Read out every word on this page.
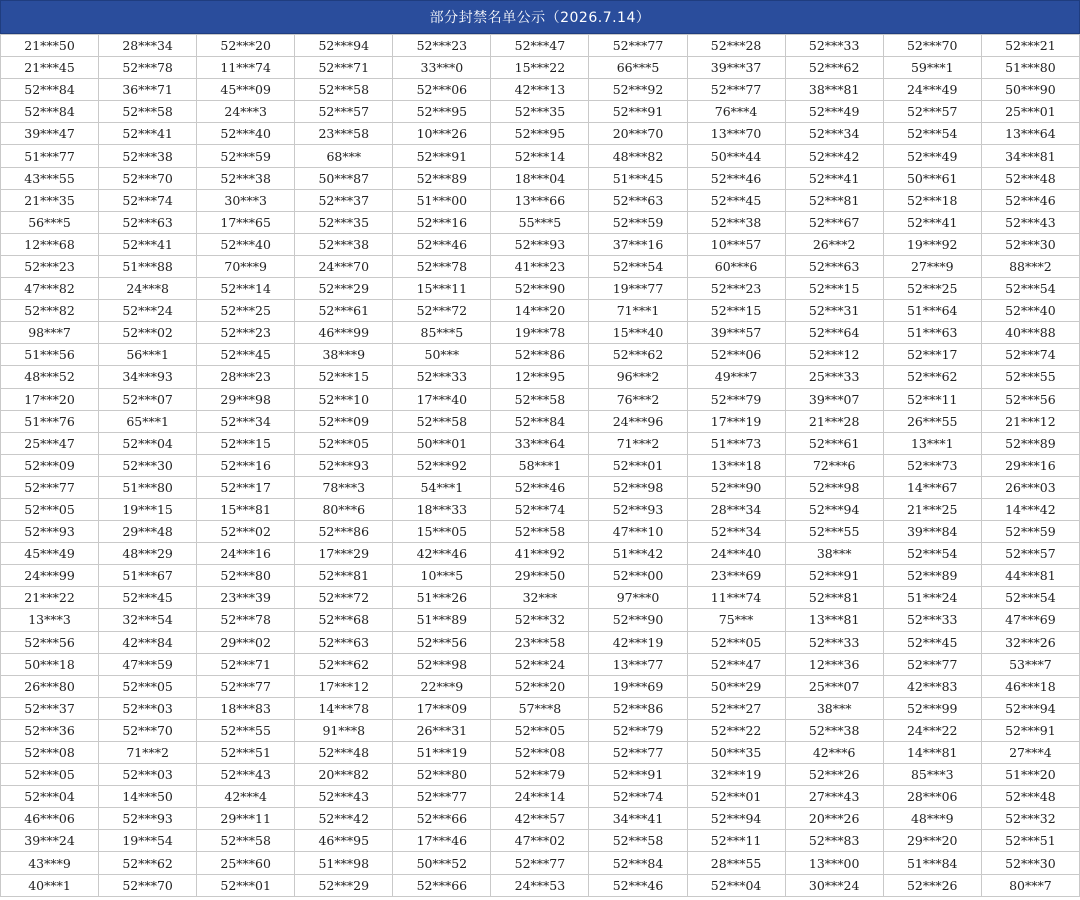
部分封禁名单公示（2026.7.14）
21***50	28***34	52***20	52***94	52***23	52***47	52***77	52***28	52***33	52***70	52***21
21***45	52***78	11***74	52***71	33***0	15***22	66***5	39***37	52***62	59***1	51***80
52***84	36***71	45***09	52***58	52***06	42***13	52***92	52***77	38***81	24***49	50***90
52***84	52***58	24***3	52***57	52***95	52***35	52***91	76***4	52***49	52***57	25***01
39***47	52***41	52***40	23***58	10***26	52***95	20***70	13***70	52***34	52***54	13***64
51***77	52***38	52***59	68***	52***91	52***14	48***82	50***44	52***42	52***49	34***81
43***55	52***70	52***38	50***87	52***89	18***04	51***45	52***46	52***41	50***61	52***48
21***35	52***74	30***3	52***37	51***00	13***66	52***63	52***45	52***81	52***18	52***46
56***5	52***63	17***65	52***35	52***16	55***5	52***59	52***38	52***67	52***41	52***43
12***68	52***41	52***40	52***38	52***46	52***93	37***16	10***57	26***2	19***92	52***30
52***23	51***88	70***9	24***70	52***78	41***23	52***54	60***6	52***63	27***9	88***2
47***82	24***8	52***14	52***29	15***11	52***90	19***77	52***23	52***15	52***25	52***54
52***82	52***24	52***25	52***61	52***72	14***20	71***1	52***15	52***31	51***64	52***40
98***7	52***02	52***23	46***99	85***5	19***78	15***40	39***57	52***64	51***63	40***88
51***56	56***1	52***45	38***9	50***	52***86	52***62	52***06	52***12	52***17	52***74
48***52	34***93	28***23	52***15	52***33	12***95	96***2	49***7	25***33	52***62	52***55
17***20	52***07	29***98	52***10	17***40	52***58	76***2	52***79	39***07	52***11	52***56
51***76	65***1	52***34	52***09	52***58	52***84	24***96	17***19	21***28	26***55	21***12
25***47	52***04	52***15	52***05	50***01	33***64	71***2	51***73	52***61	13***1	52***89
52***09	52***30	52***16	52***93	52***92	58***1	52***01	13***18	72***6	52***73	29***16
52***77	51***80	52***17	78***3	54***1	52***46	52***98	52***90	52***98	14***67	26***03
52***05	19***15	15***81	80***6	18***33	52***74	52***93	28***34	52***94	21***25	14***42
52***93	29***48	52***02	52***86	15***05	52***58	47***10	52***34	52***55	39***84	52***59
45***49	48***29	24***16	17***29	42***46	41***92	51***42	24***40	38***	52***54	52***57
24***99	51***67	52***80	52***81	10***5	29***50	52***00	23***69	52***91	52***89	44***81
21***22	52***45	23***39	52***72	51***26	32***	97***0	11***74	52***81	51***24	52***54
13***3	32***54	52***78	52***68	51***89	52***32	52***90	75***	13***81	52***33	47***69
52***56	42***84	29***02	52***63	52***56	23***58	42***19	52***05	52***33	52***45	32***26
50***18	47***59	52***71	52***62	52***98	52***24	13***77	52***47	12***36	52***77	53***7
26***80	52***05	52***77	17***12	22***9	52***20	19***69	50***29	25***07	42***83	46***18
52***37	52***03	18***83	14***78	17***09	57***8	52***86	52***27	38***	52***99	52***94
52***36	52***70	52***55	91***8	26***31	52***05	52***79	52***22	52***38	24***22	52***91
52***08	71***2	52***51	52***48	51***19	52***08	52***77	50***35	42***6	14***81	27***4
52***05	52***03	52***43	20***82	52***80	52***79	52***91	32***19	52***26	85***3	51***20
52***04	14***50	42***4	52***43	52***77	24***14	52***74	52***01	27***43	28***06	52***48
46***06	52***93	29***11	52***42	52***66	42***57	34***41	52***94	20***26	48***9	52***32
39***24	19***54	52***58	46***95	17***46	47***02	52***58	52***11	52***83	29***20	52***51
43***9	52***62	25***60	51***98	50***52	52***77	52***84	28***55	13***00	51***84	52***30
40***1	52***70	52***01	52***29	52***66	24***53	52***46	52***04	30***24	52***26	80***7
